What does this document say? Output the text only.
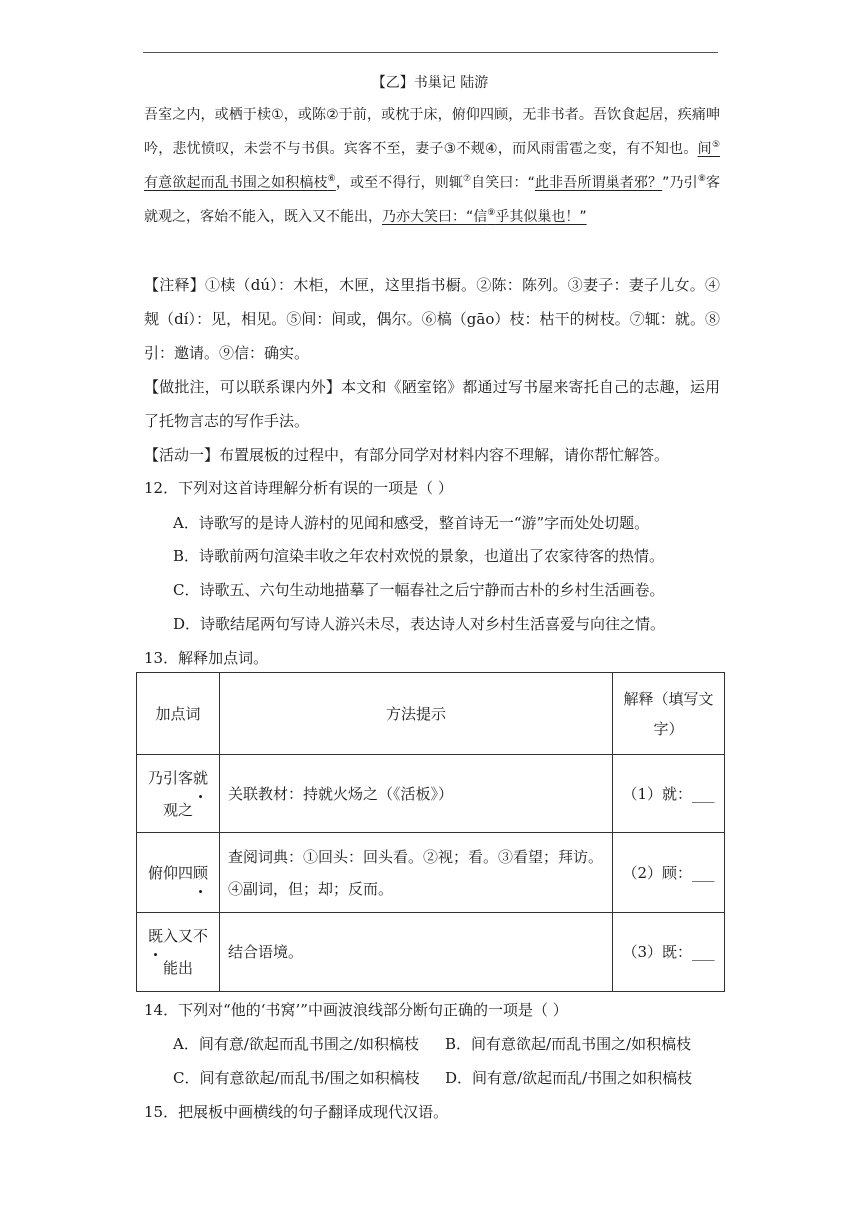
【乙】书巢记 陆游
吾室之内，或栖于椟①，或陈②于前，或枕于床，俯仰四顾，无非书者。吾饮食起居，疾痛呻吟，悲忧愤叹，未尝不与书俱。宾客不至，妻子③不觌④，而风雨雷雹之变，有不知也。间⑤有意欲起而乱书围之如积槁枝⑥，或至不得行，则辄⑦自笑曰：“此非吾所谓巢者邪？”乃引⑧客就观之，客始不能入，既入又不能出，乃亦大笑曰：“信⑨乎其似巢也！”
【注释】①椟（dú）：木柜，木匣，这里指书橱。②陈：陈列。③妻子：妻子儿女。④觌（dí）：见，相见。⑤间：间或，偶尔。⑥槁（gāo）枝：枯干的树枝。⑦辄：就。⑧引：邀请。⑨信：确实。
【做批注，可以联系课内外】本文和《陋室铭》都通过写书屋来寄托自己的志趣，运用了托物言志的写作手法。
【活动一】布置展板的过程中，有部分同学对材料内容不理解，请你帮忙解答。
12．下列对这首诗理解分析有误的一项是（ ）
A．诗歌写的是诗人游村的见闻和感受，整首诗无一“游”字而处处切题。
B．诗歌前两句渲染丰收之年农村欢悦的景象，也道出了农家待客的热情。
C．诗歌五、六句生动地描摹了一幅春社之后宁静而古朴的乡村生活画卷。
D．诗歌结尾两句写诗人游兴未尽，表达诗人对乡村生活喜爱与向往之情。
13．解释加点词。
加点词	方法提示	解释（填写文字）
乃引客就观之	关联教材：持就火炀之（《活板》）	（1）就：___
俯仰四顾	查阅词典：①回头：回头看。②视；看。③看望；拜访。④副词，但；却；反而。	（2）顾：___
既入又不能出	结合语境。	（3）既：___
14．下列对“他的‘书窝’”中画波浪线部分断句正确的一项是（ ）
A．间有意/欲起而乱书围之/如积槁枝 B．间有意欲起/而乱书围之/如积槁枝
C．间有意欲起/而乱书/围之如积槁枝 D．间有意/欲起而乱/书围之如积槁枝
15．把展板中画横线的句子翻译成现代汉语。
